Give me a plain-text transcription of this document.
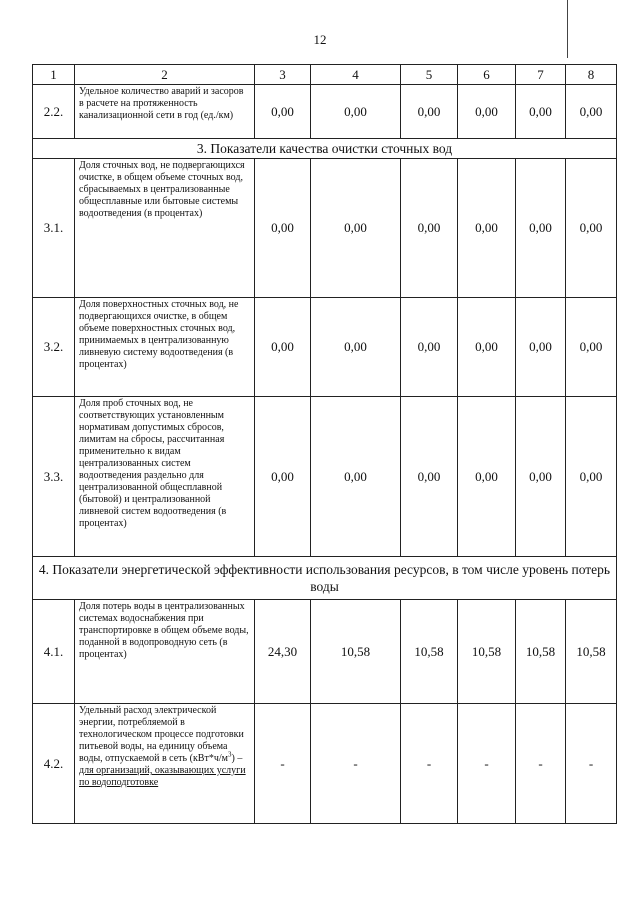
12
1	2	3	4	5	6	7	8
2.2.	Удельное количество аварий и засоров в расчете на протяженность канализационной сети в год (ед./км)	0,00	0,00	0,00	0,00	0,00	0,00
3. Показатели качества очистки сточных вод							
3.1.	Доля сточных вод, не подвергающихся очистке, в общем объеме сточных вод, сбрасываемых в централизованные общесплавные или бытовые системы водоотведения (в процентах)	0,00	0,00	0,00	0,00	0,00	0,00
3.2.	Доля поверхностных сточных вод, не подвергающихся очистке, в общем объеме поверхностных сточных вод, принимаемых в централизованную ливневую систему водоотведения (в процентах)	0,00	0,00	0,00	0,00	0,00	0,00
3.3.	Доля проб сточных вод, не соответствующих установленным нормативам допустимых сбросов, лимитам на сбросы, рассчитанная применительно к видам централизованных систем водоотведения раздельно для централизованной общесплавной (бытовой) и централизованной ливневой систем водоотведения (в процентах)	0,00	0,00	0,00	0,00	0,00	0,00
4. Показатели энергетической эффективности использования ресурсов, в том числе уровень потерь воды							
4.1.	Доля потерь воды в централизованных системах водоснабжения при транспортировке в общем объеме воды, поданной в водопроводную сеть (в процентах)	24,30	10,58	10,58	10,58	10,58	10,58
4.2.	Удельный расход электрической энергии, потребляемой в технологическом процессе подготовки питьевой воды, на единицу объема воды, отпускаемой в сеть $(кВт*ч/м^3)$ – для организаций, оказывающих услуги по водоподготовке	-	-	-	-	-	-
